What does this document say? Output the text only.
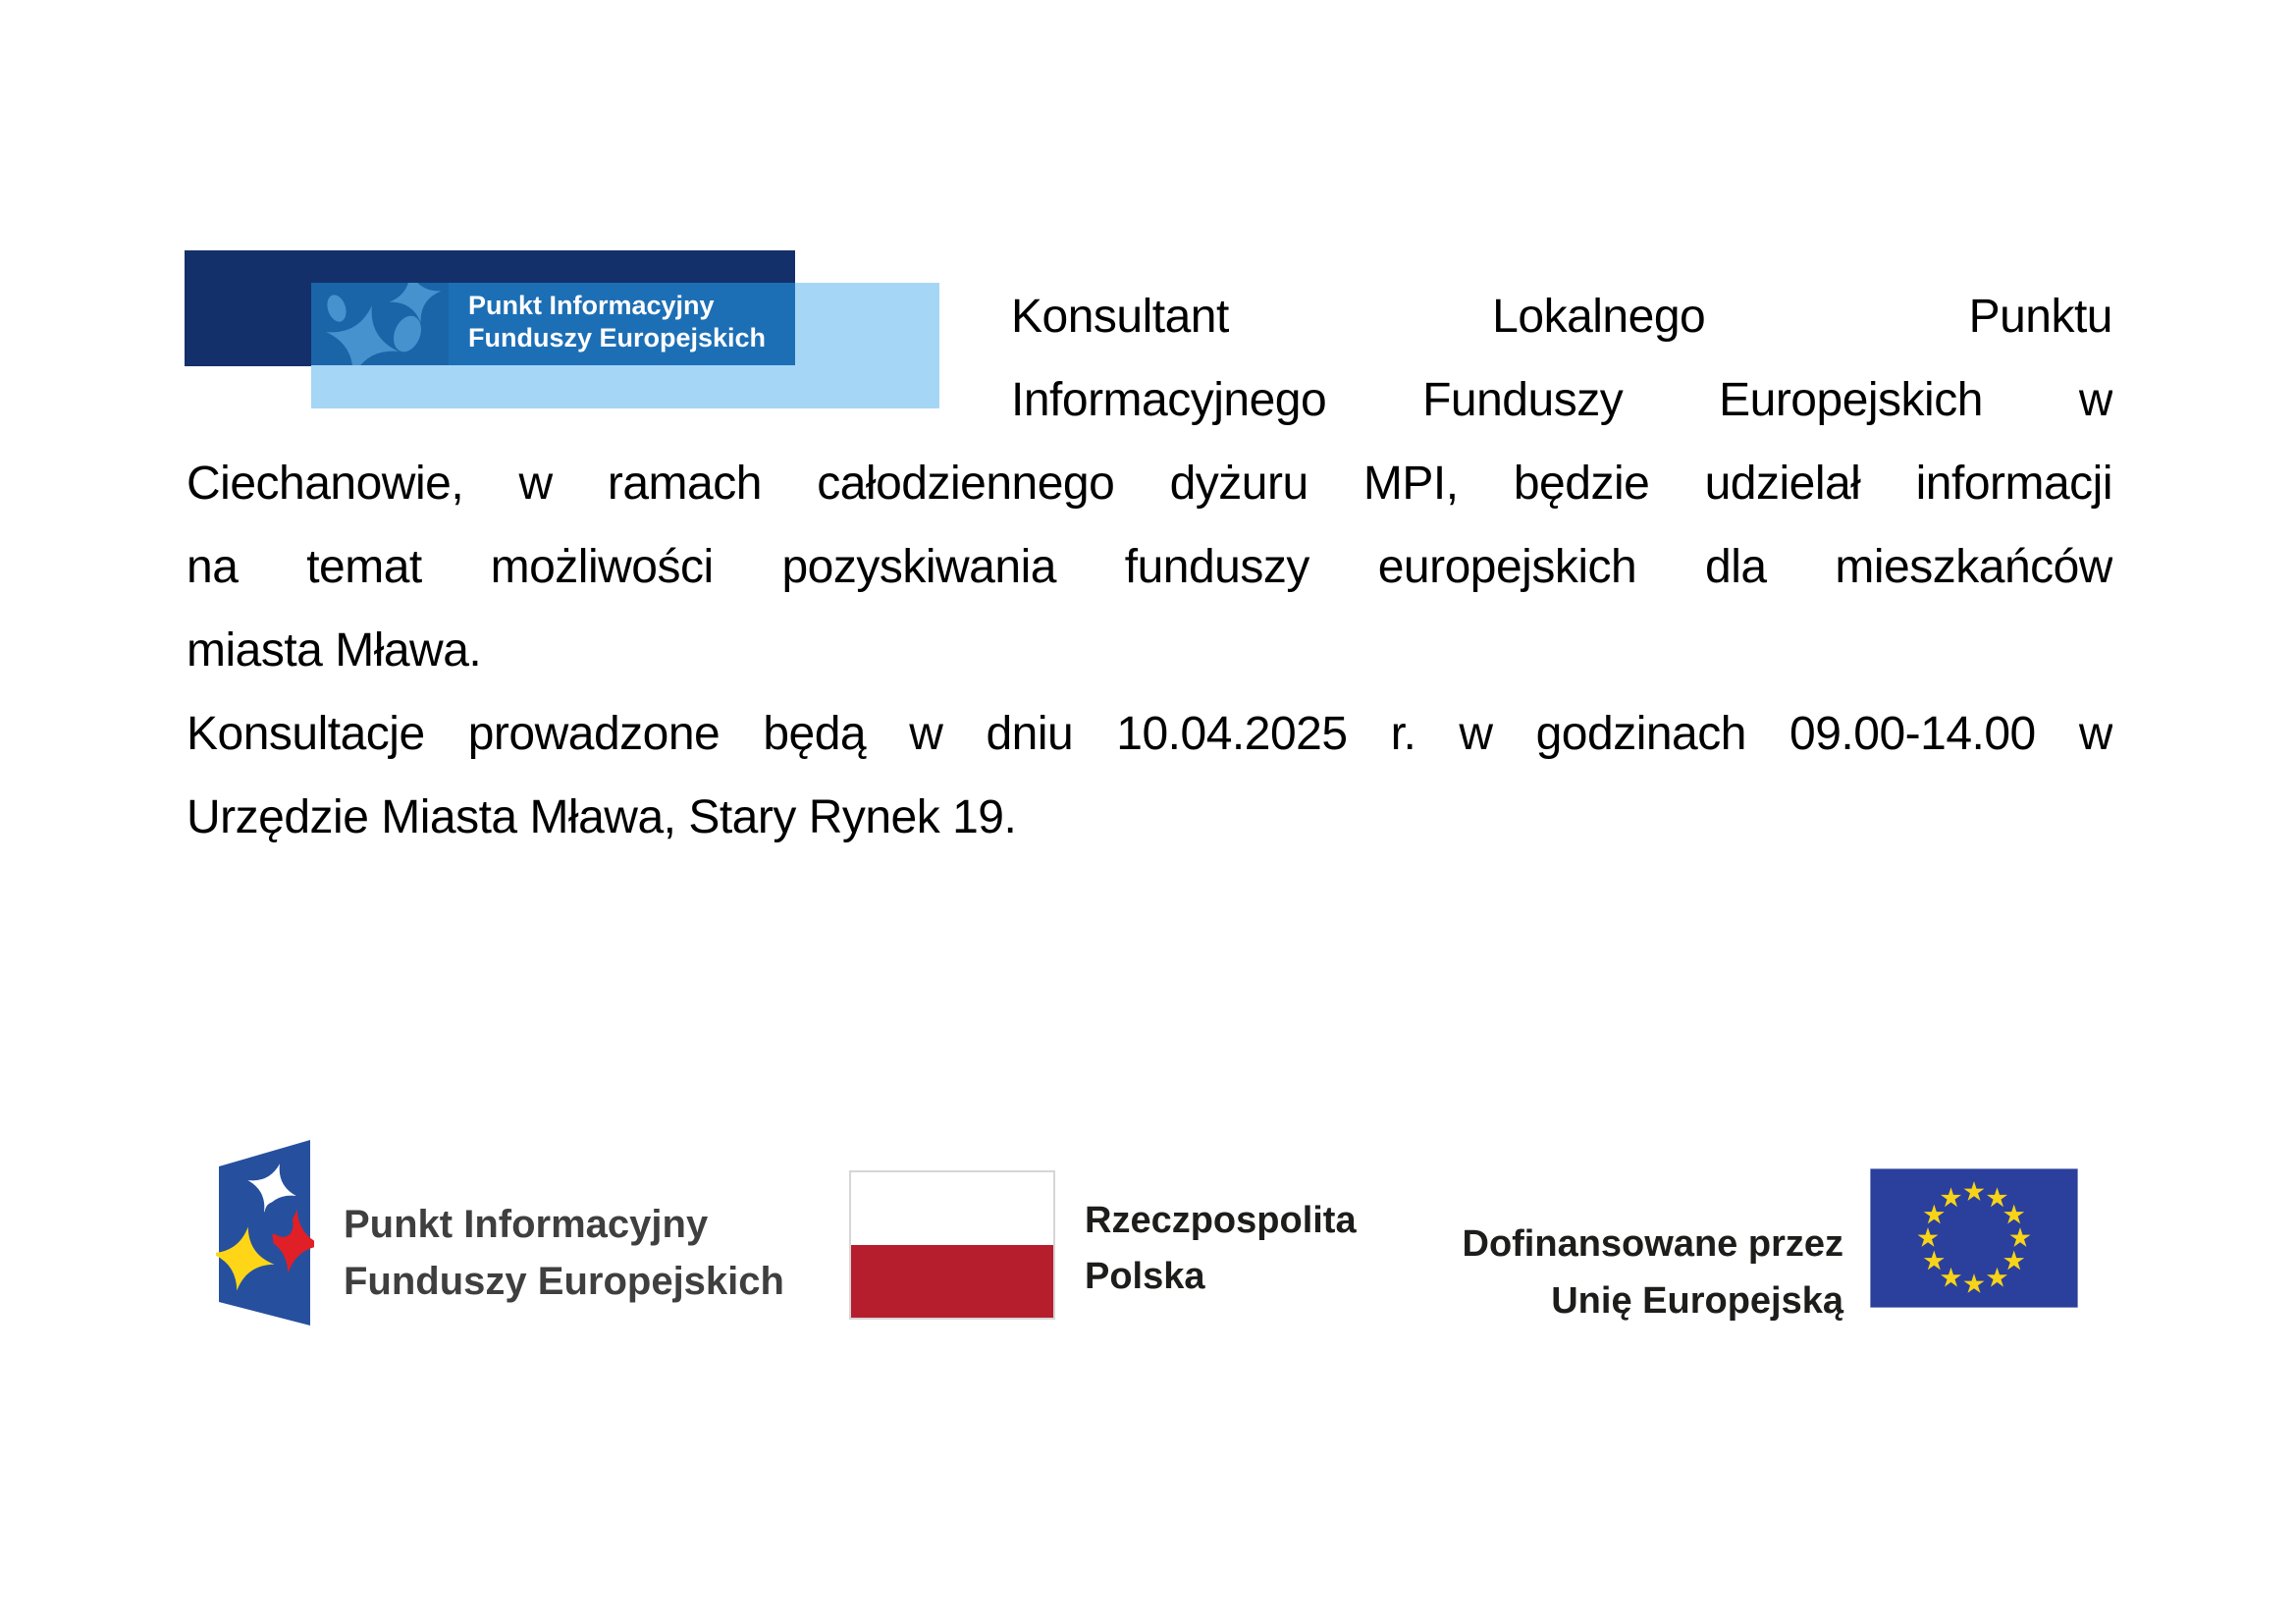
Punkt Informacyjny
Funduszy Europejskich	Konsultant Lokalnego Punktu
Informacyjnego Funduszy Europejskich w
Ciechanowie, w ramach całodziennego dyżuru MPI, będzie udzielał informacji
na temat możliwości pozyskiwania funduszy europejskich dla mieszkańców
miasta Mława.
Konsultacje prowadzone będą w dniu 10.04.2025 r. w godzinach 09.00-14.00 w
Urzędzie Miasta Mława, Stary Rynek 19.
Punkt Informacyjny
Funduszy Europejskich
Rzeczpospolita
Polska
Dofinansowane przez
Unię Europejską
